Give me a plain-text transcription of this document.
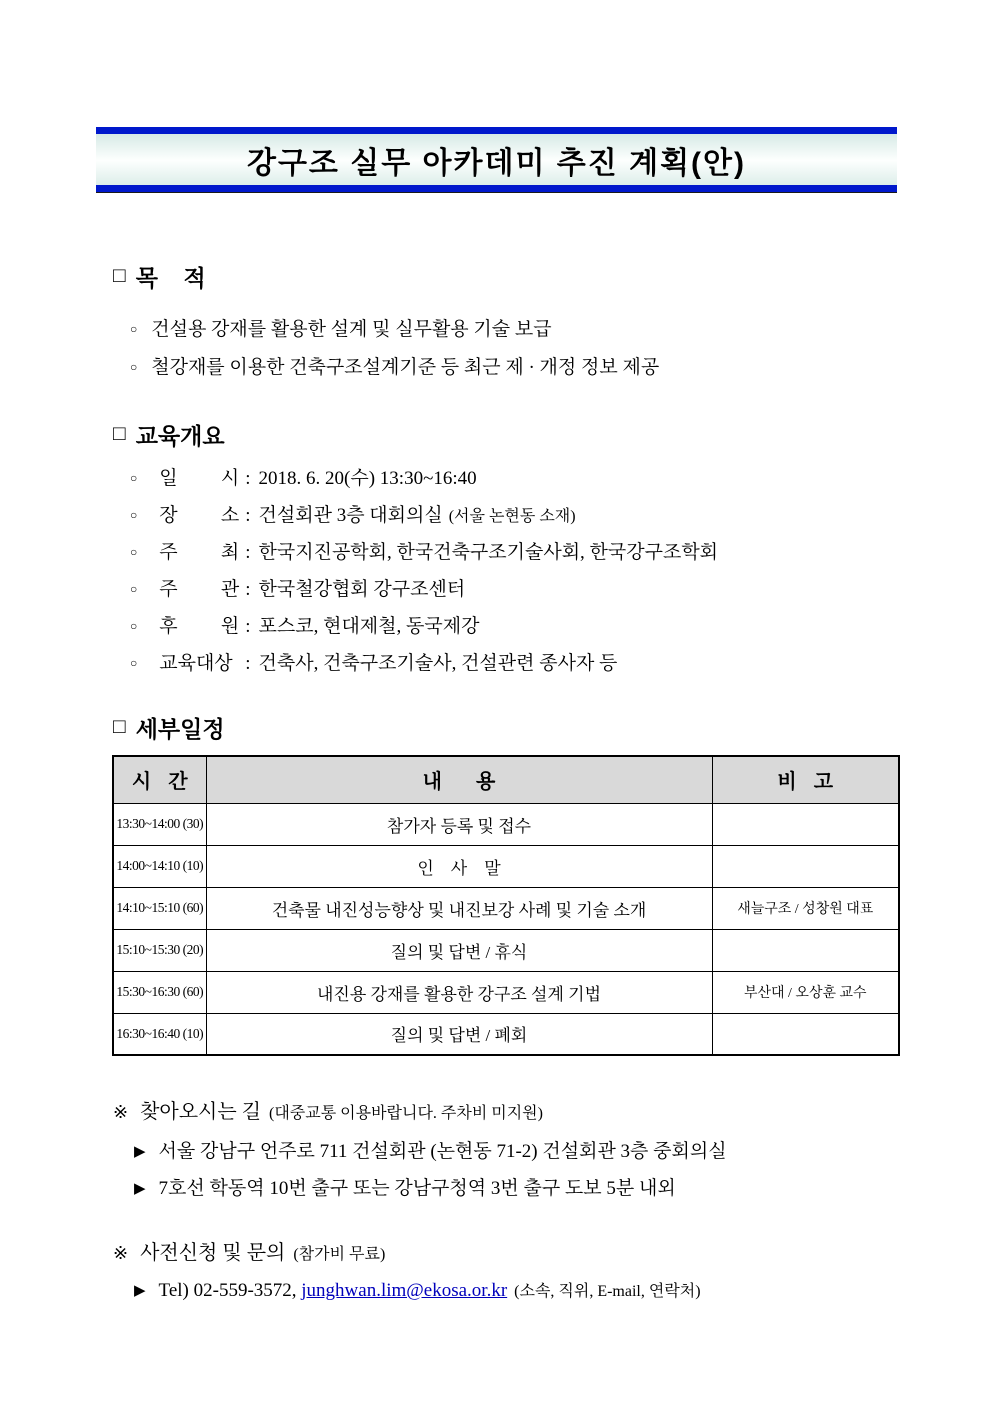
강구조 실무 아카데미 추진 계획(안)
□ 목    적
○ 건설용 강재를 활용한 설계 및 실무활용 기술 보급
○ 철강재를 이용한 건축구조설계기준 등 최근 제 · 개정 정보 제공
□ 교육개요
○ 일 시 : 2018. 6. 20(수) 13:30~16:40
○ 장 소 : 건설회관 3층 대회의실 (서울 논현동 소재)
○ 주 최 : 한국지진공학회, 한국건축구조기술사회, 한국강구조학회
○ 주 관 : 한국철강협회 강구조센터
○ 후 원 : 포스코, 현대제철, 동국제강
○ 교육대상 : 건축사, 건축구조기술사, 건설관련 종사자 등
□ 세부일정
시 간	내  용	비 고
13:30~14:00 (30)	참가자 등록 및 접수	
14:00~14:10 (10)	인    사    말	
14:10~15:10 (60)	건축물 내진성능향상 및 내진보강 사례 및 기술 소개	새늘구조 / 성창원 대표
15:10~15:30 (20)	질의 및 답변 / 휴식	
15:30~16:30 (60)	내진용 강재를 활용한 강구조 설계 기법	부산대 / 오상훈 교수
16:30~16:40 (10)	질의 및 답변 / 폐회	
※ 찾아오시는 길 (대중교통 이용바랍니다. 주차비 미지원)
▶ 서울 강남구 언주로 711 건설회관 (논현동 71-2) 건설회관 3층 중회의실
▶ 7호선 학동역 10번 출구 또는 강남구청역 3번 출구 도보 5분 내외
※ 사전신청 및 문의 (참가비 무료)
▶ Tel) 02-559-3572, junghwan.lim@ekosa.or.kr (소속, 직위, E-mail, 연락처)
